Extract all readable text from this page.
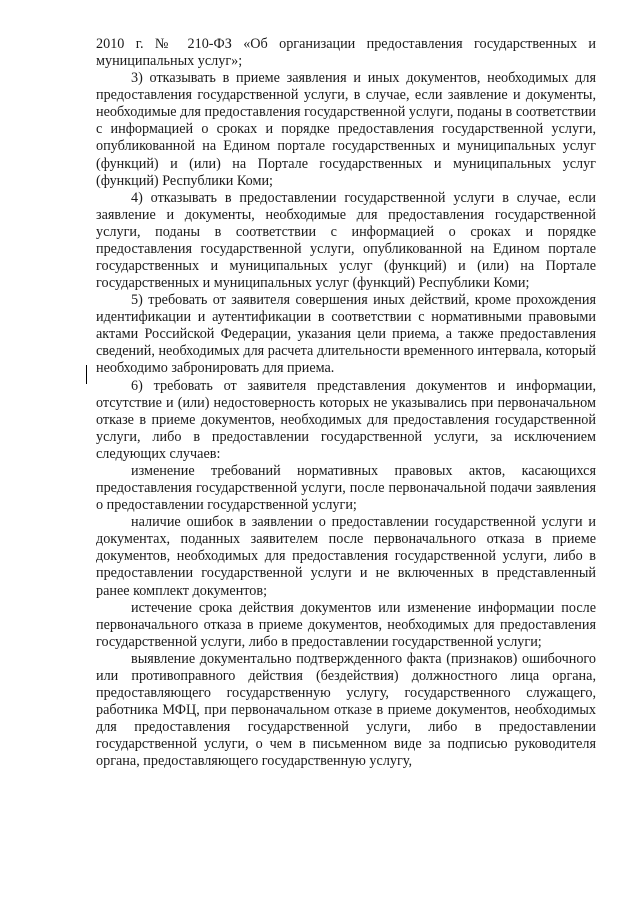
2010 г. № 210-ФЗ «Об организации предоставления государственных и муниципальных услуг»;

3) отказывать в приеме заявления и иных документов, необходимых для предоставления государственной услуги, в случае, если заявление и документы, необходимые для предоставления государственной услуги, поданы в соответствии с информацией о сроках и порядке предоставления государственной услуги, опубликованной на Едином портале государственных и муниципальных услуг (функций) и (или) на Портале государственных и муниципальных услуг (функций) Республики Коми;

4) отказывать в предоставлении государственной услуги в случае, если заявление и документы, необходимые для предоставления государственной услуги, поданы в соответствии с информацией о сроках и порядке предоставления государственной услуги, опубликованной на Едином портале государственных и муниципальных услуг (функций) и (или) на Портале государственных и муниципальных услуг (функций) Республики Коми;

5) требовать от заявителя совершения иных действий, кроме прохождения идентификации и аутентификации в соответствии с нормативными правовыми актами Российской Федерации, указания цели приема, а также предоставления сведений, необходимых для расчета длительности временного интервала, который необходимо забронировать для приема.

6) требовать от заявителя представления документов и информации, отсутствие и (или) недостоверность которых не указывались при первоначальном отказе в приеме документов, необходимых для предоставления государственной услуги, либо в предоставлении государственной услуги, за исключением следующих случаев:

изменение требований нормативных правовых актов, касающихся предоставления государственной услуги, после первоначальной подачи заявления о предоставлении государственной услуги;

наличие ошибок в заявлении о предоставлении государственной услуги и документах, поданных заявителем после первоначального отказа в приеме документов, необходимых для предоставления государственной услуги, либо в предоставлении государственной услуги и не включенных в представленный ранее комплект документов;

истечение срока действия документов или изменение информации после первоначального отказа в приеме документов, необходимых для предоставления государственной услуги, либо в предоставлении государственной услуги;

выявление документально подтвержденного факта (признаков) ошибочного или противоправного действия (бездействия) должностного лица органа, предоставляющего государственную услугу, государственного служащего, работника МФЦ, при первоначальном отказе в приеме документов, необходимых для предоставления государственной услуги, либо в предоставлении государственной услуги, о чем в письменном виде за подписью руководителя органа, предоставляющего государственную услугу,
